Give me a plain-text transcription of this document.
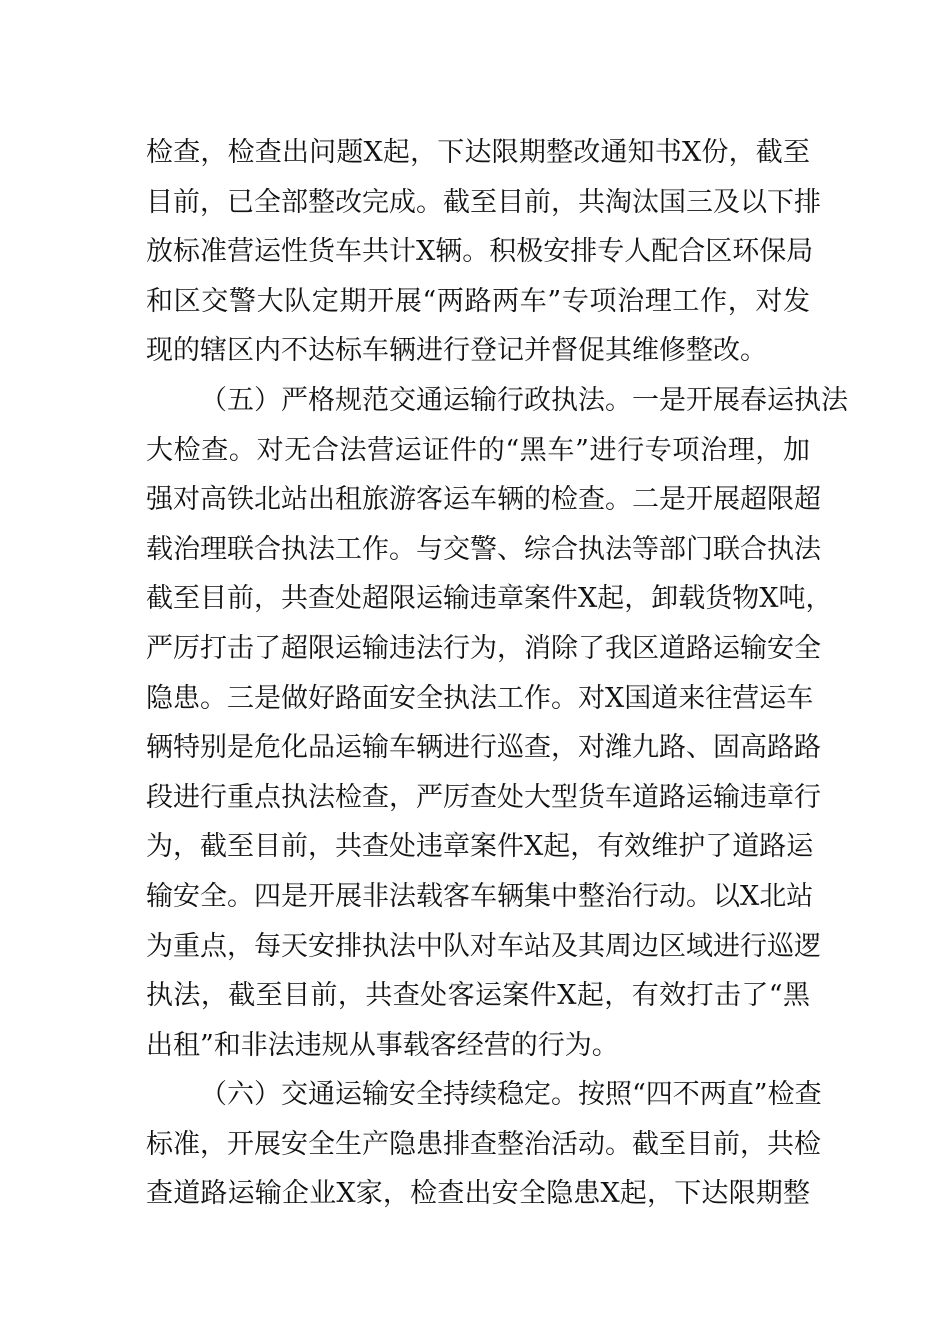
检查，检查出问题X起，下达限期整改通知书X份，截至
目前，已全部整改完成。截至目前，共淘汰国三及以下排
放标准营运性货车共计X辆。积极安排专人配合区环保局
和区交警大队定期开展“两路两车”专项治理工作，对发
现的辖区内不达标车辆进行登记并督促其维修整改。
（五）严格规范交通运输行政执法。一是开展春运执法
大检查。对无合法营运证件的“黑车”进行专项治理，加
强对高铁北站出租旅游客运车辆的检查。二是开展超限超
载治理联合执法工作。与交警、综合执法等部门联合执法
截至目前，共查处超限运输违章案件X起，卸载货物X吨，
严厉打击了超限运输违法行为，消除了我区道路运输安全
隐患。三是做好路面安全执法工作。对X国道来往营运车
辆特别是危化品运输车辆进行巡查，对潍九路、固高路路
段进行重点执法检查，严厉查处大型货车道路运输违章行
为，截至目前，共查处违章案件X起，有效维护了道路运
输安全。四是开展非法载客车辆集中整治行动。以X北站
为重点，每天安排执法中队对车站及其周边区域进行巡逻
执法，截至目前，共查处客运案件X起，有效打击了“黑
出租”和非法违规从事载客经营的行为。
（六）交通运输安全持续稳定。按照“四不两直”检查
标准，开展安全生产隐患排查整治活动。截至目前，共检
查道路运输企业X家，检查出安全隐患X起，下达限期整
